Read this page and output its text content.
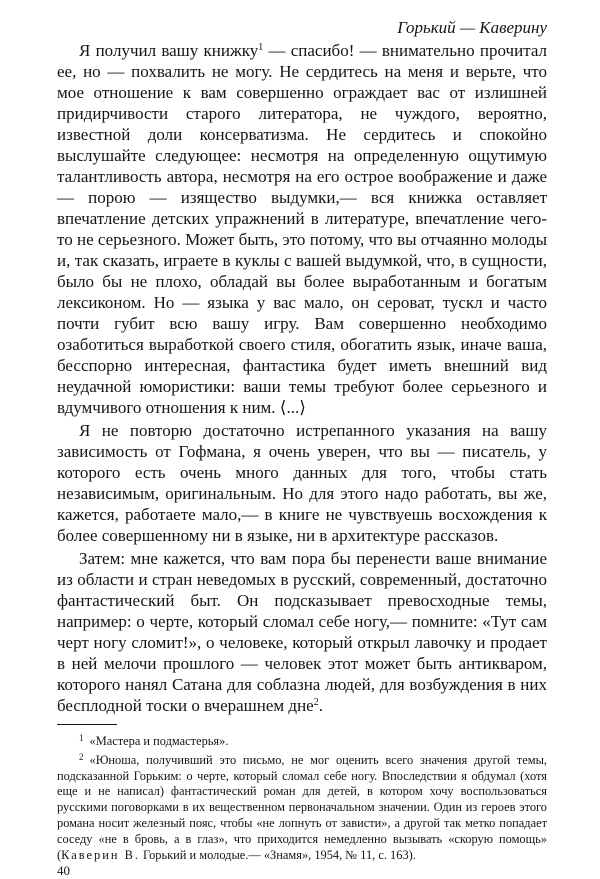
Горький — Каверину

Я получил вашу книжку$^1$ — спасибо! — внимательно прочитал ее, но — похвалить не могу. Не сердитесь на меня и верьте, что мое отношение к вам совершенно ограждает вас от излишней придирчивости старого литератора, не чуждого, вероятно, известной доли консерватизма. Не сердитесь и спокойно выслушайте следующее: несмотря на определенную ощутимую талантливость автора, несмотря на его острое воображение и даже — порою — изящество выдумки,— вся книжка оставляет впечатление детских упражнений в литературе, впечатление чего-то не серьезного. Может быть, это потому, что вы отчаянно молоды и, так сказать, играете в куклы с вашей выдумкой, что, в сущности, было бы не плохо, обладай вы более выработанным и богатым лексиконом. Но — языка у вас мало, он сероват, тускл и часто почти губит всю вашу игру. Вам совершенно необходимо озаботиться выработкой своего стиля, обогатить язык, иначе ваша, бесспорно интересная, фантастика будет иметь внешний вид неудачной юмористики: ваши темы требуют более серьезного и вдумчивого отношения к ним. ⟨...⟩

Я не повторю достаточно истрепанного указания на вашу зависимость от Гофмана, я очень уверен, что вы — писатель, у которого есть очень много данных для того, чтобы стать независимым, оригинальным. Но для этого надо работать, вы же, кажется, работаете мало,— в книге не чувствуешь восхождения к более совершенному ни в языке, ни в архитектуре рассказов.

Затем: мне кажется, что вам пора бы перенести ваше внимание из области и стран неведомых в русский, современный, достаточно фантастический быт. Он подсказывает превосходные темы, например: о черте, который сломал себе ногу,— помните: «Тут сам черт ногу сломит!», о человеке, который открыл лавочку и продает в ней мелочи прошлого — человек этот может быть антикваром, которого нанял Сатана для соблазна людей, для возбуждения в них бесплодной тоски о вчерашнем дне$^2$.

$^1$ «Мастера и подмастерья».

$^2$ «Юноша, получивший это письмо, не мог оценить всего значения другой темы, подсказанной Горьким: о черте, который сломал себе ногу. Впоследствии я обдумал (хотя еще и не написал) фантастический роман для детей, в котором хочу воспользоваться русскими поговорками в их вещественном первоначальном значении. Один из героев этого романа носит железный пояс, чтобы «не лопнуть от зависти», а другой так метко попадает соседу «не в бровь, а в глаз», что приходится немедленно вызывать «скорую помощь» (Каверин В. Горький и молодые.— «Знамя», 1954, № 11, с. 163).

40
